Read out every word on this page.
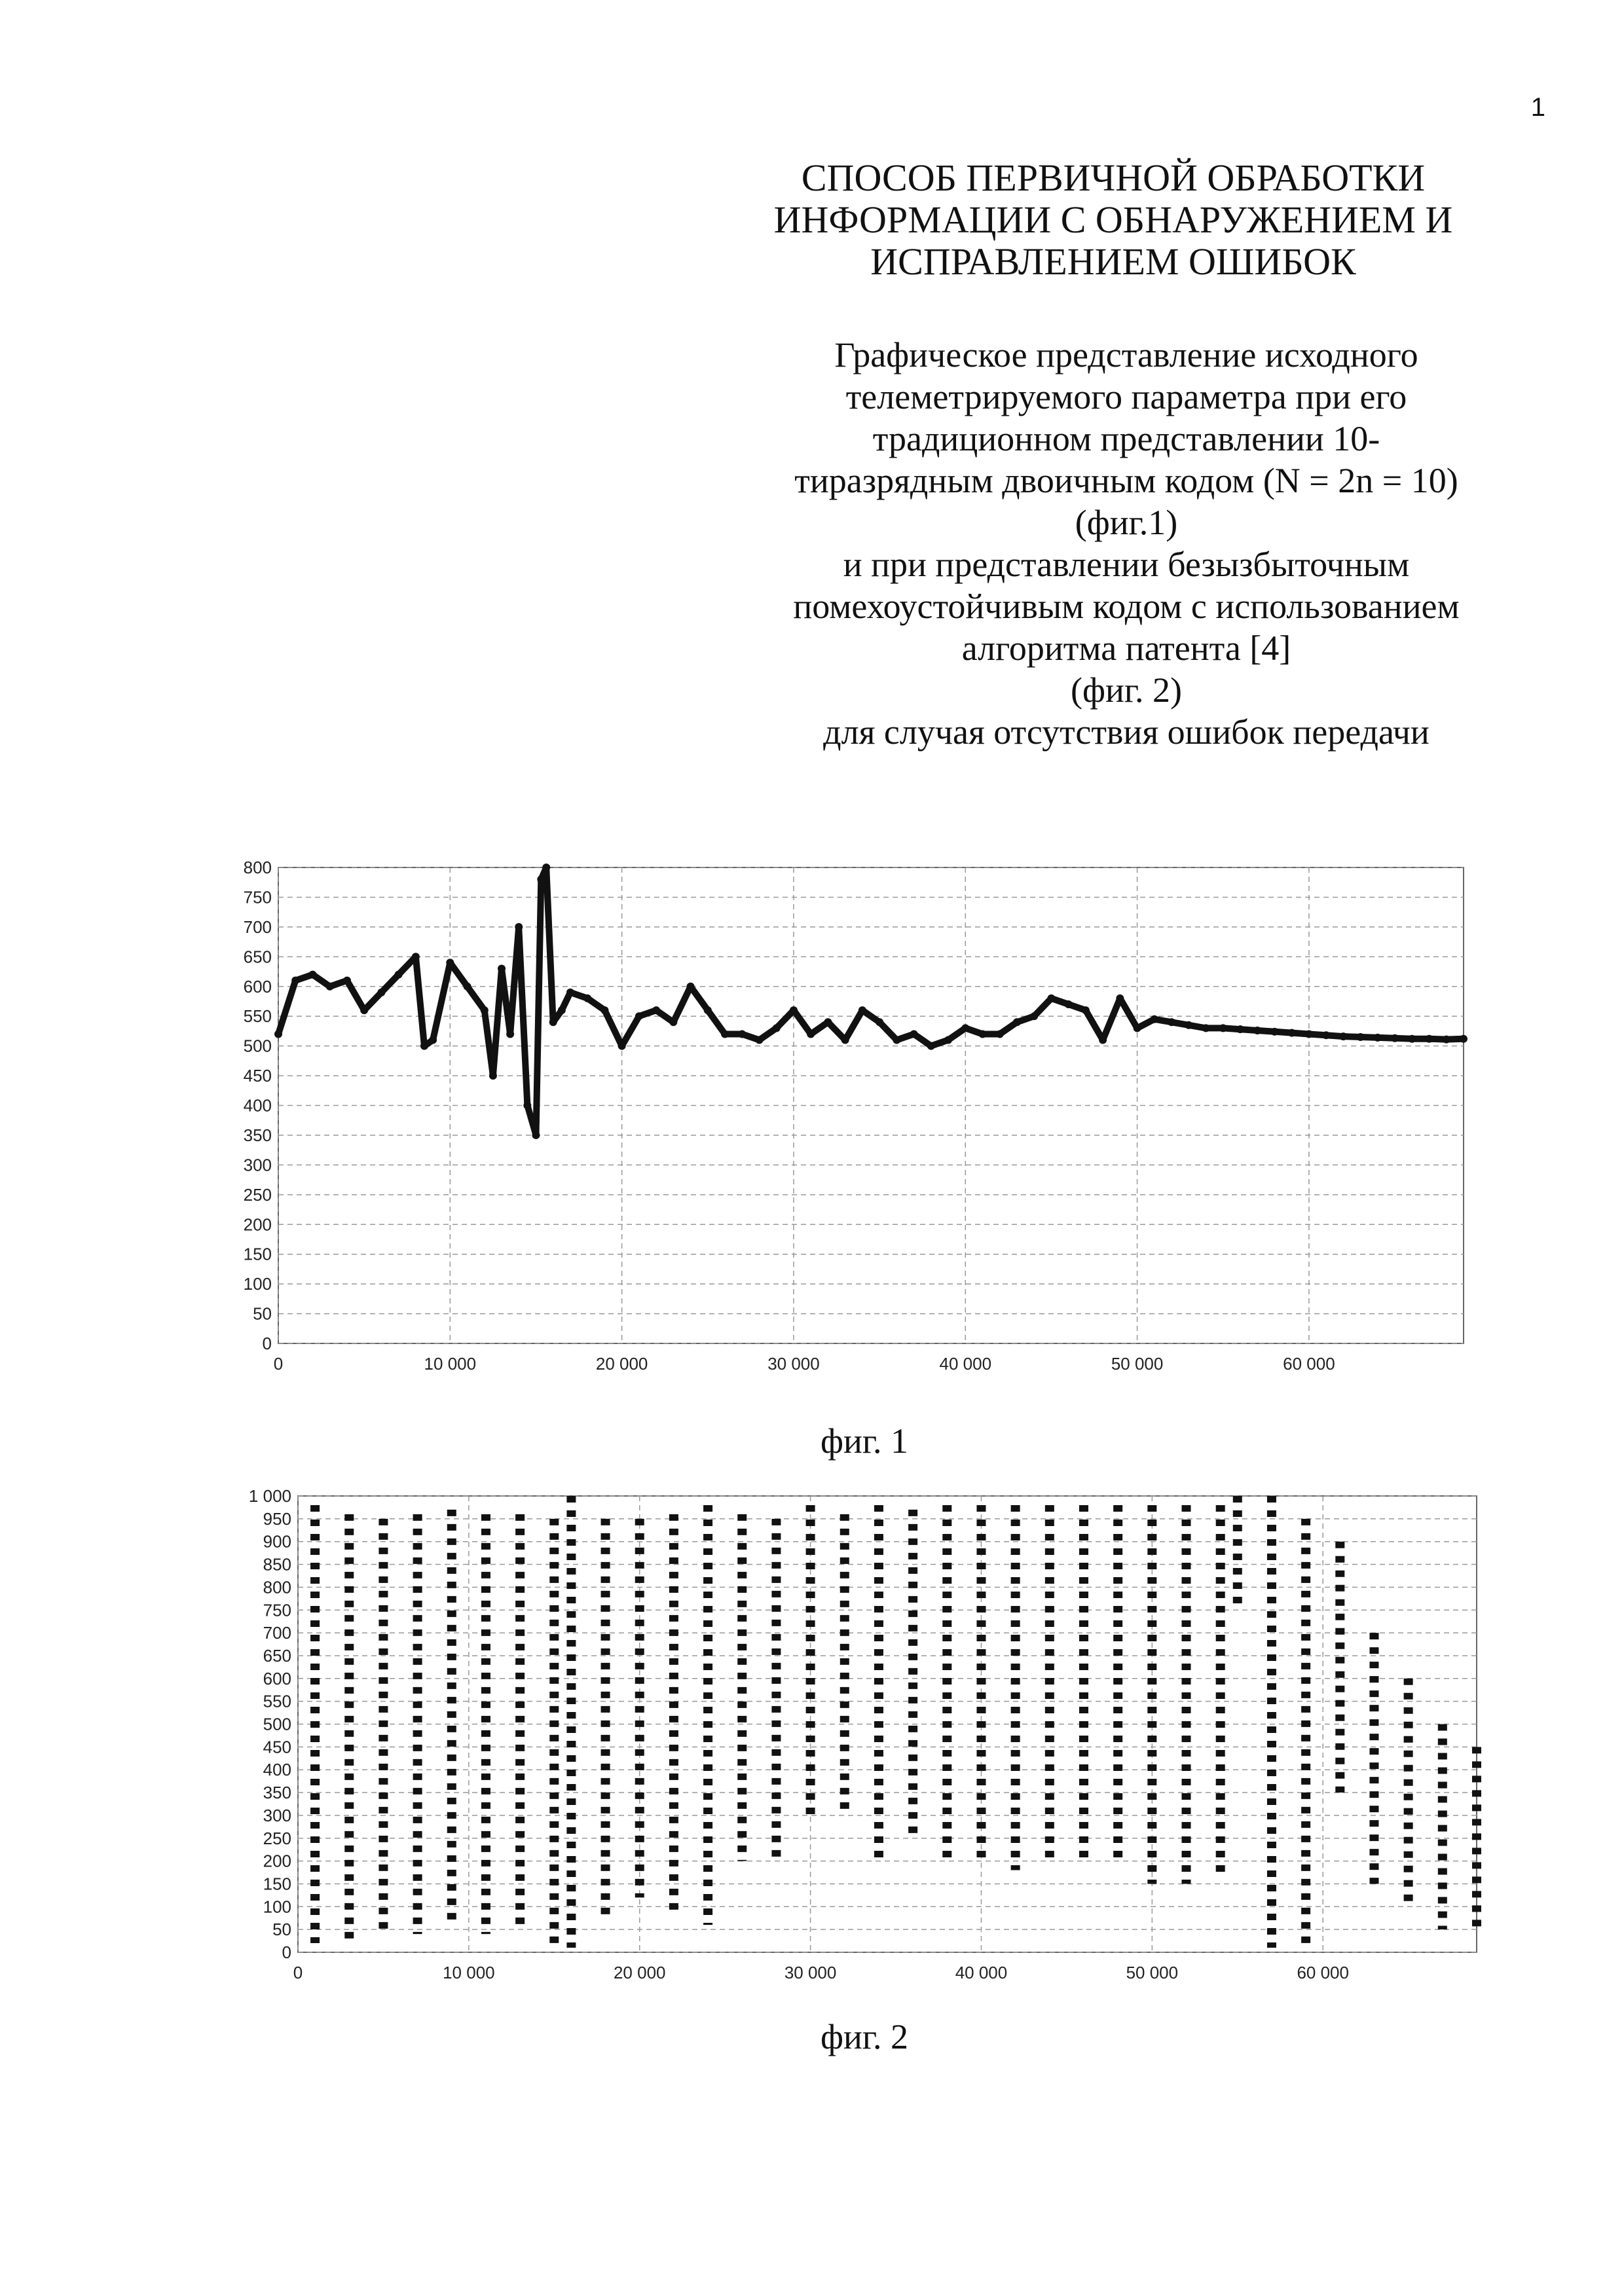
1
СПОСОБ ПЕРВИЧНОЙ ОБРАБОТКИ
ИНФОРМАЦИИ С ОБНАРУЖЕНИЕМ И
ИСПРАВЛЕНИЕМ ОШИБОК
Графическое представление исходного
телеметрируемого параметра при его
традиционном представлении 10-
тиразрядным двоичным кодом (N = 2n = 10)
(фиг.1)
и при представлении безызбыточным
помехоустойчивым кодом с использованием
алгоритма патента [4]
(фиг. 2)
для случая отсутствия ошибок передачи
0
50
100
150
200
250
300
350
400
450
500
550
600
650
700
750
800
0	10 000	20 000	30 000	40 000	50 000	60 000
фиг. 1
0
50
100
150
200
250
300
350
400
450
500
550
600
650
700
750
800
850
900
950
1 000
0	10 000	20 000	30 000	40 000	50 000	60 000
фиг. 2
